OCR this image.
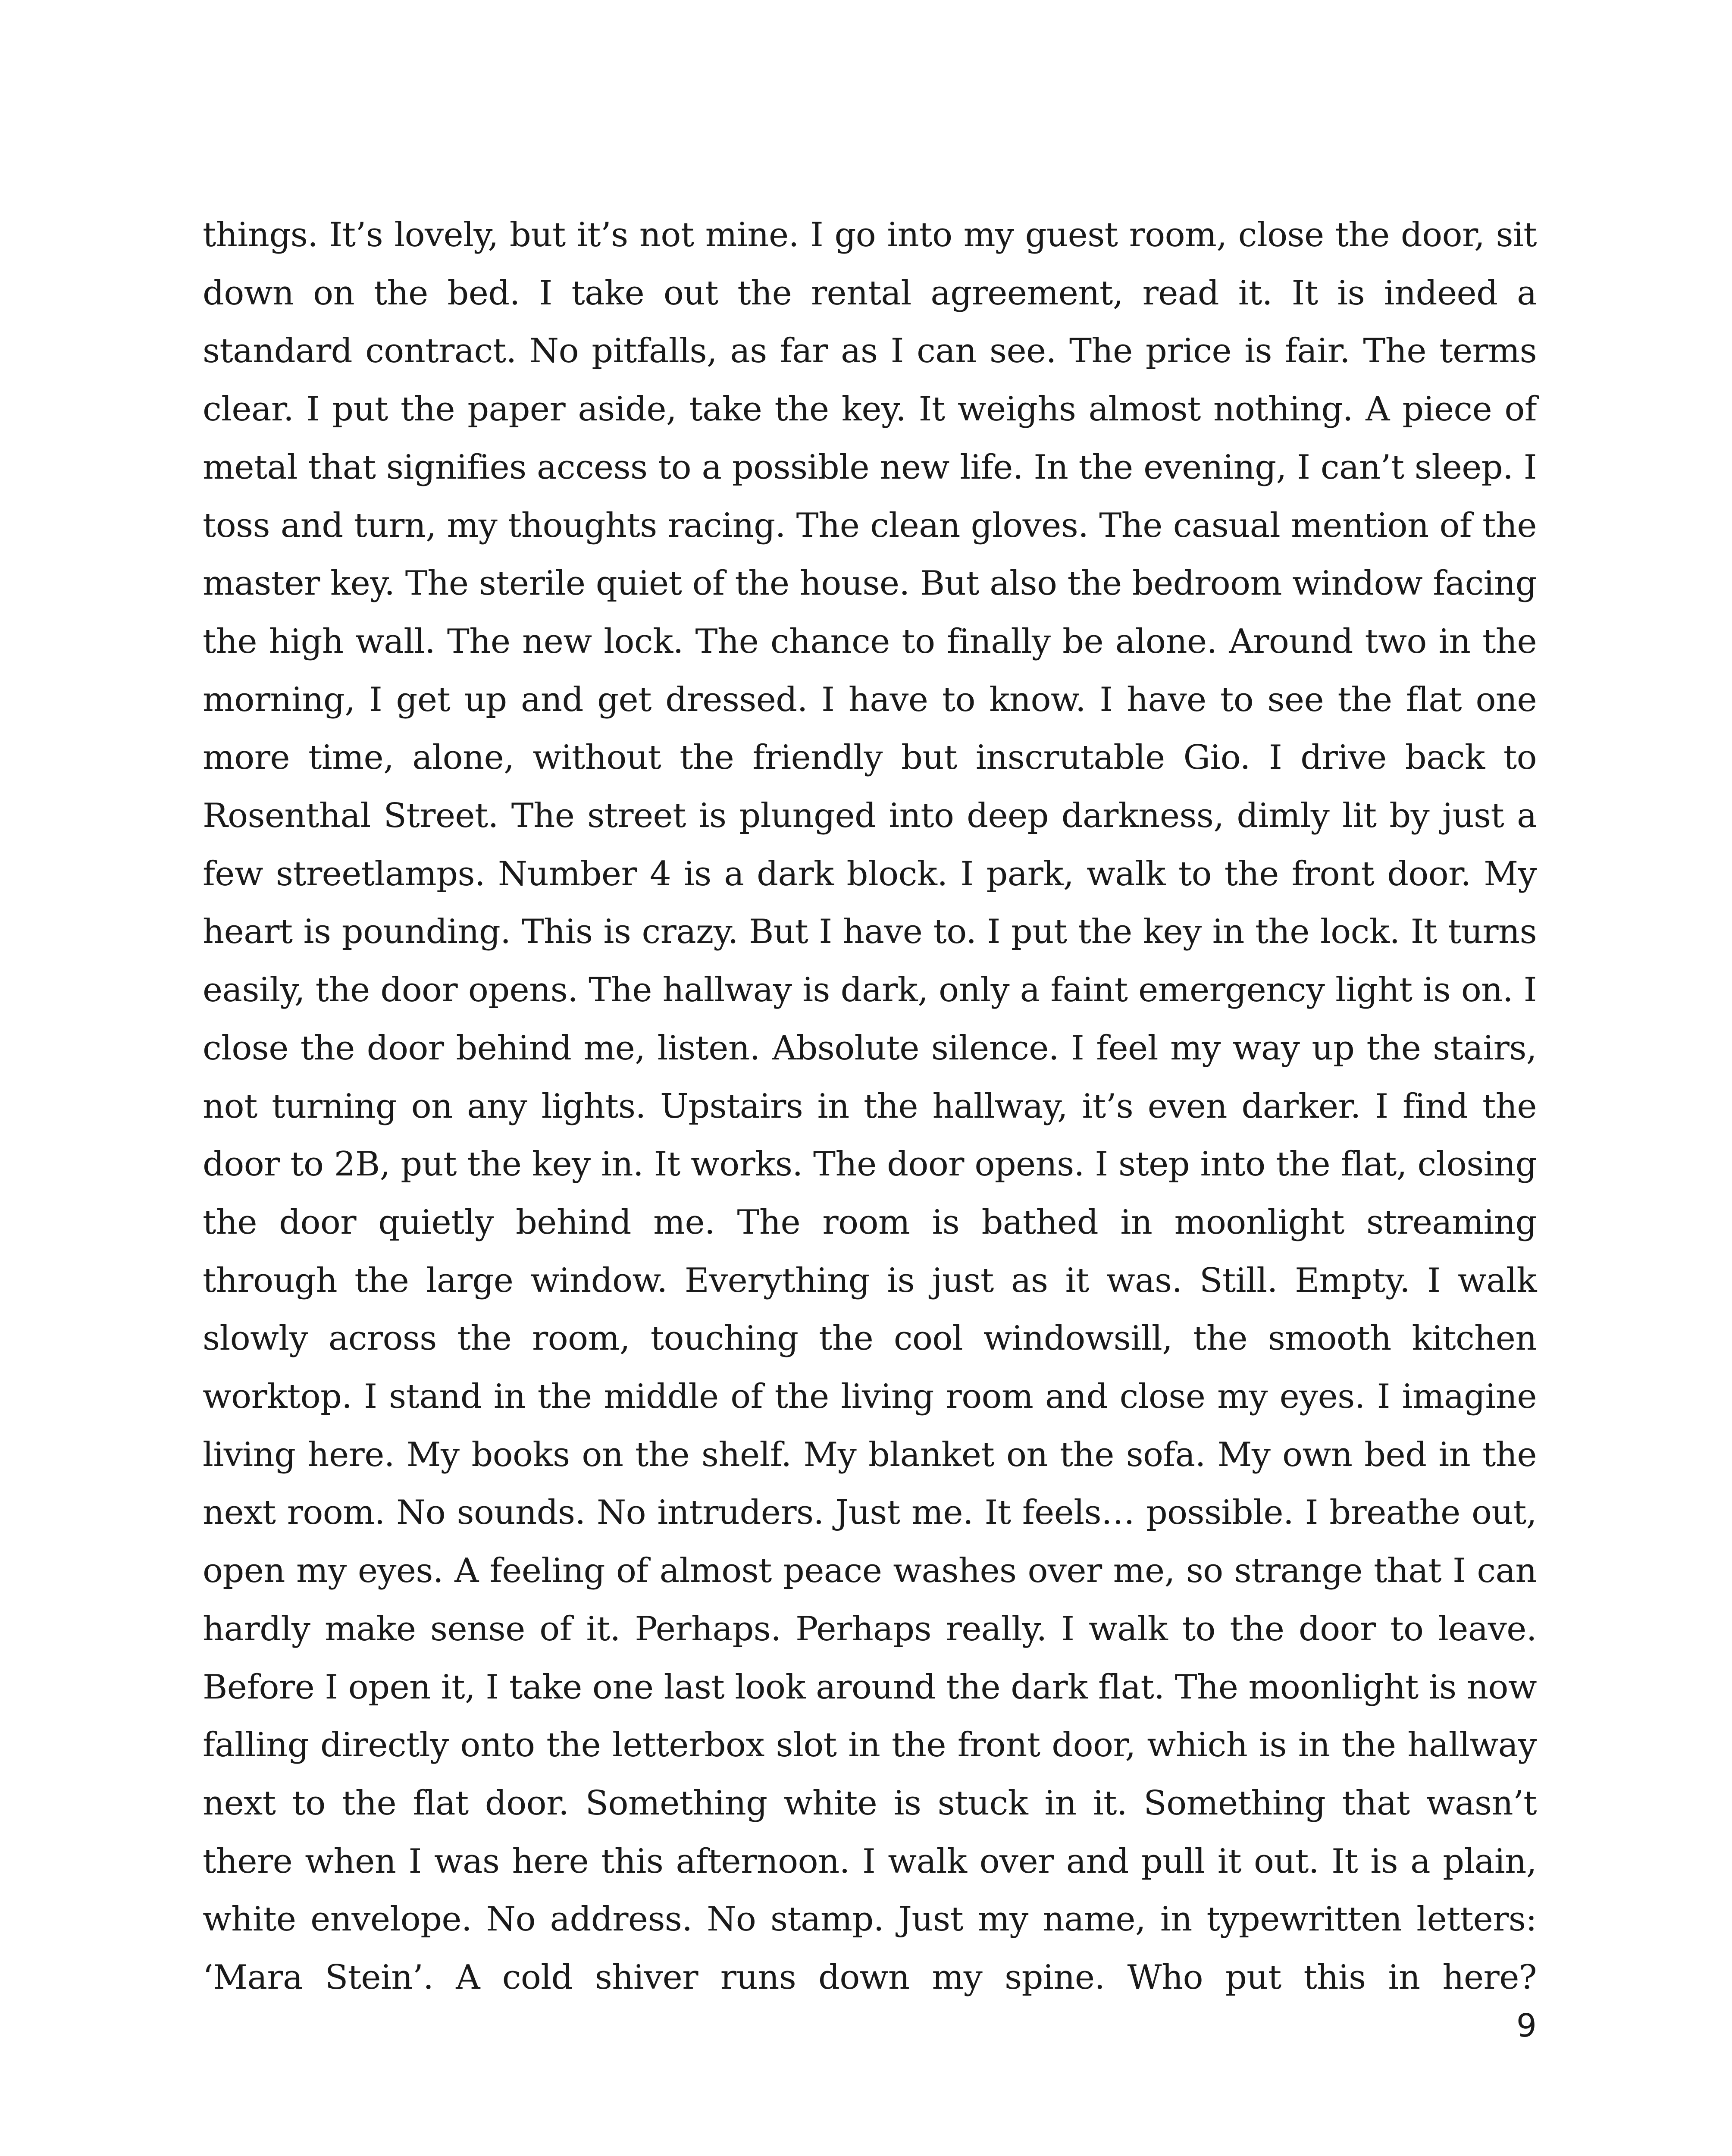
things. It’s lovely, but it’s not mine. I go into my guest room, close the door, sit down on the bed. I take out the rental agreement, read it. It is indeed a standard contract. No pitfalls, as far as I can see. The price is fair. The terms clear. I put the paper aside, take the key. It weighs almost nothing. A piece of metal that signifies access to a possible new life. In the evening, I can’t sleep. I toss and turn, my thoughts racing. The clean gloves. The casual mention of the master key. The sterile quiet of the house. But also the bedroom window facing the high wall. The new lock. The chance to finally be alone. Around two in the morning, I get up and get dressed. I have to know. I have to see the flat one more time, alone, without the friendly but inscrutable Gio. I drive back to Rosenthal Street. The street is plunged into deep darkness, dimly lit by just a few streetlamps. Number 4 is a dark block. I park, walk to the front door. My heart is pounding. This is crazy. But I have to. I put the key in the lock. It turns easily, the door opens. The hallway is dark, only a faint emergency light is on. I close the door behind me, listen. Absolute silence. I feel my way up the stairs, not turning on any lights. Upstairs in the hallway, it’s even darker. I find the door to 2B, put the key in. It works. The door opens. I step into the flat, closing the door quietly behind me. The room is bathed in moonlight streaming through the large window. Everything is just as it was. Still. Empty. I walk slowly across the room, touching the cool windowsill, the smooth kitchen worktop. I stand in the middle of the living room and close my eyes. I imagine living here. My books on the shelf. My blanket on the sofa. My own bed in the next room. No sounds. No intruders. Just me. It feels… possible. I breathe out, open my eyes. A feeling of almost peace washes over me, so strange that I can hardly make sense of it. Perhaps. Perhaps really. I walk to the door to leave. Before I open it, I take one last look around the dark flat. The moonlight is now falling directly onto the letterbox slot in the front door, which is in the hallway next to the flat door. Something white is stuck in it. Something that wasn’t there when I was here this afternoon. I walk over and pull it out. It is a plain, white envelope. No address. No stamp. Just my name, in typewritten letters: ‘Mara Stein’. A cold shiver runs down my spine. Who put this in here?

9
